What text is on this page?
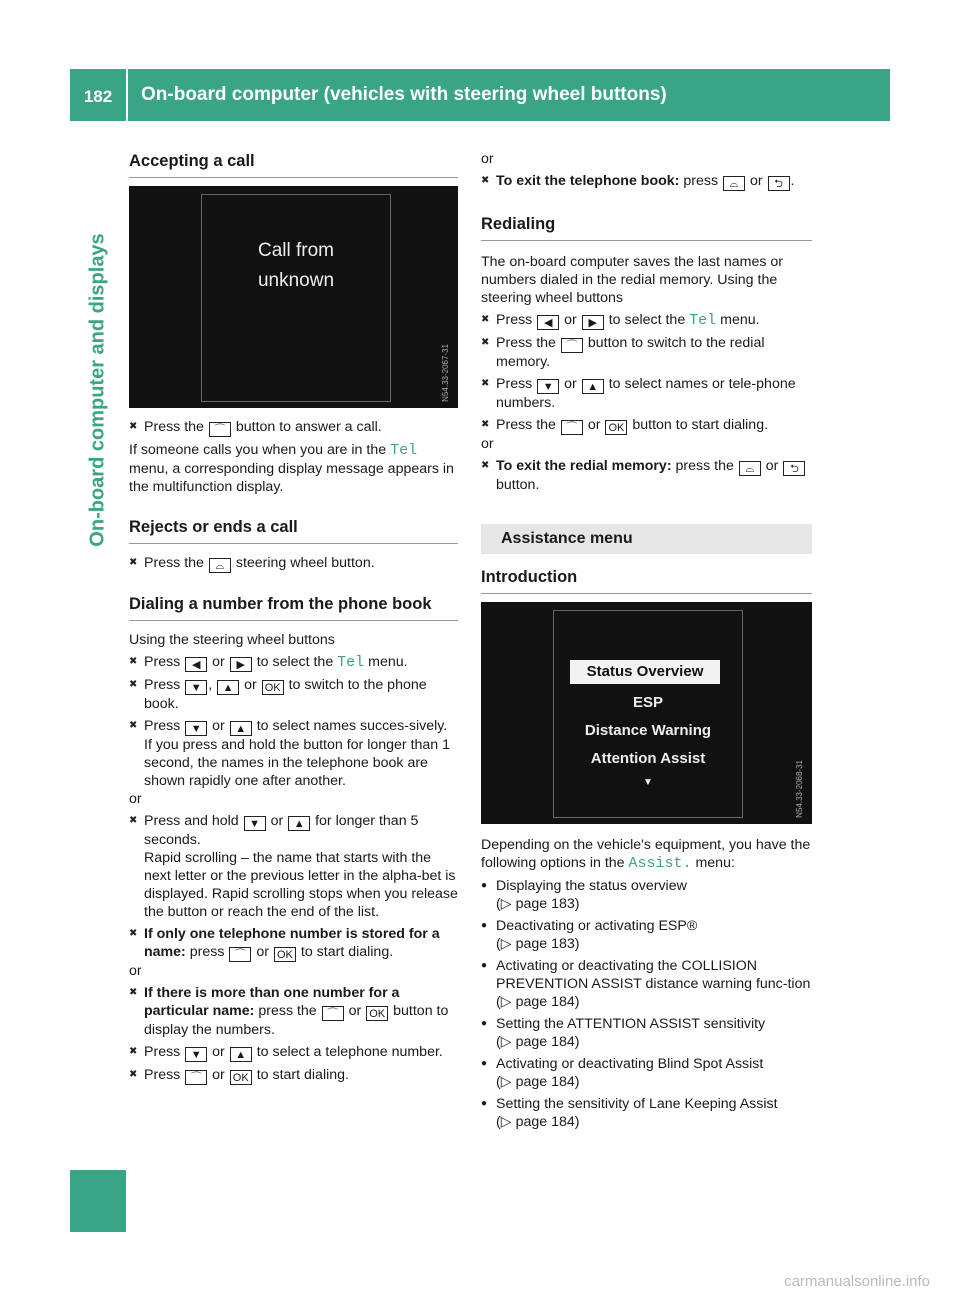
182	On-board computer (vehicles with steering wheel buttons)
On-board computer and displays
Accepting a call
Call from
unknown
N54.33-2067-31
✖ Press the ⌒ button to answer a call.

If someone calls you when you are in the Tel menu, a corresponding display message appears in the multifunction display.

Rejects or ends a call
✖ Press the ⌓ steering wheel button.
Dialing a number from the phone book

Using the steering wheel buttons

✖ Press ◀ or ▶ to select the Tel menu.
✖ Press ▼ , ▲ or OK to switch to the phone book.
✖ Press ▼ or ▲ to select names succes-sively.

If you press and hold the button for longer than 1 second, the names in the telephone book are shown rapidly one after another.

or

✖ Press and hold ▼ or ▲ for longer than 5 seconds.

Rapid scrolling – the name that starts with the next letter or the previous letter in the alpha-bet is displayed. Rapid scrolling stops when you release the button or reach the end of the list.

✖ If only one telephone number is stored for a name: press ⌒ or OK to start dialing.

or

✖ If there is more than one number for a particular name: press the ⌒ or OK button to display the numbers.
✖ Press ▼ or ▲ to select a telephone number.
✖ Press ⌒ or OK to start dialing.

or

✖ To exit the telephone book: press ⌓ or ⮌ .
Redialing

The on-board computer saves the last names or numbers dialed in the redial memory. Using the steering wheel buttons

✖ Press ◀ or ▶ to select the Tel menu.
✖ Press the ⌒ button to switch to the redial memory.
✖ Press ▼ or ▲ to select names or tele-phone numbers.
✖ Press the ⌒ or OK button to start dialing.

or

✖ To exit the redial memory: press the ⌓ or ⮌ button.
Assistance menu
Introduction
Status Overview
ESP
Distance Warning
Attention Assist
▼	N54.33-2068-31

Depending on the vehicle's equipment, you have the following options in the Assist. menu:

● Displaying the status overview
(▷ page 183)
● Deactivating or activating ESP®
(▷ page 183)
● Activating or deactivating the COLLISION PREVENTION ASSIST distance warning func-tion (▷ page 184)
● Setting the ATTENTION ASSIST sensitivity
(▷ page 184)
● Activating or deactivating Blind Spot Assist
(▷ page 184)
● Setting the sensitivity of Lane Keeping Assist
(▷ page 184)
carmanualsonline.info
